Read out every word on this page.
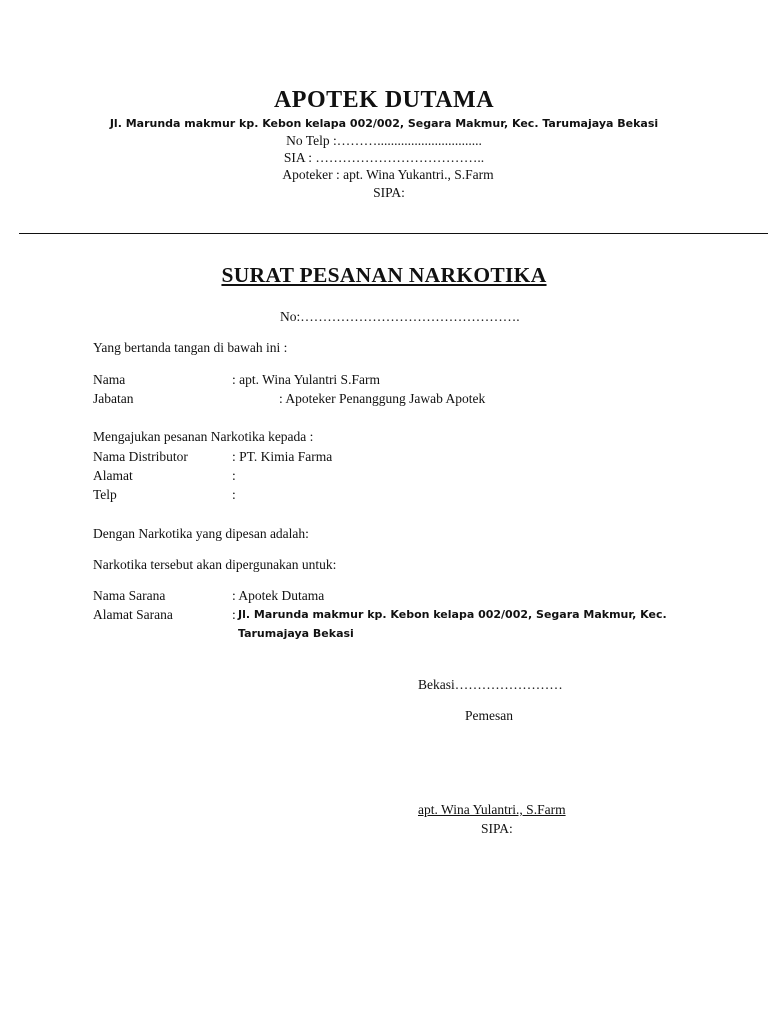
APOTEK DUTAMA
Jl. Marunda makmur kp. Kebon kelapa 002/002, Segara Makmur, Kec. Tarumajaya Bekasi
No Telp :………...............................
SIA : ………………………………..
Apoteker : apt. Wina Yukantri., S.Farm
SIPA:
SURAT PESANAN NARKOTIKA
No:………………………………………….
Yang bertanda tangan di bawah ini :
Nama	: apt. Wina Yulantri S.Farm
Jabatan	: Apoteker Penanggung Jawab Apotek
Mengajukan pesanan Narkotika kepada :
Nama Distributor	: PT. Kimia Farma
Alamat	:
Telp	:
Dengan Narkotika yang dipesan adalah:
Narkotika tersebut akan dipergunakan untuk:
Nama Sarana	: Apotek Dutama
Alamat Sarana	: Jl. Marunda makmur kp. Kebon kelapa 002/002, Segara Makmur, Kec.
Tarumajaya Bekasi
Bekasi……………………
Pemesan
apt. Wina Yulantri., S.Farm
SIPA:
